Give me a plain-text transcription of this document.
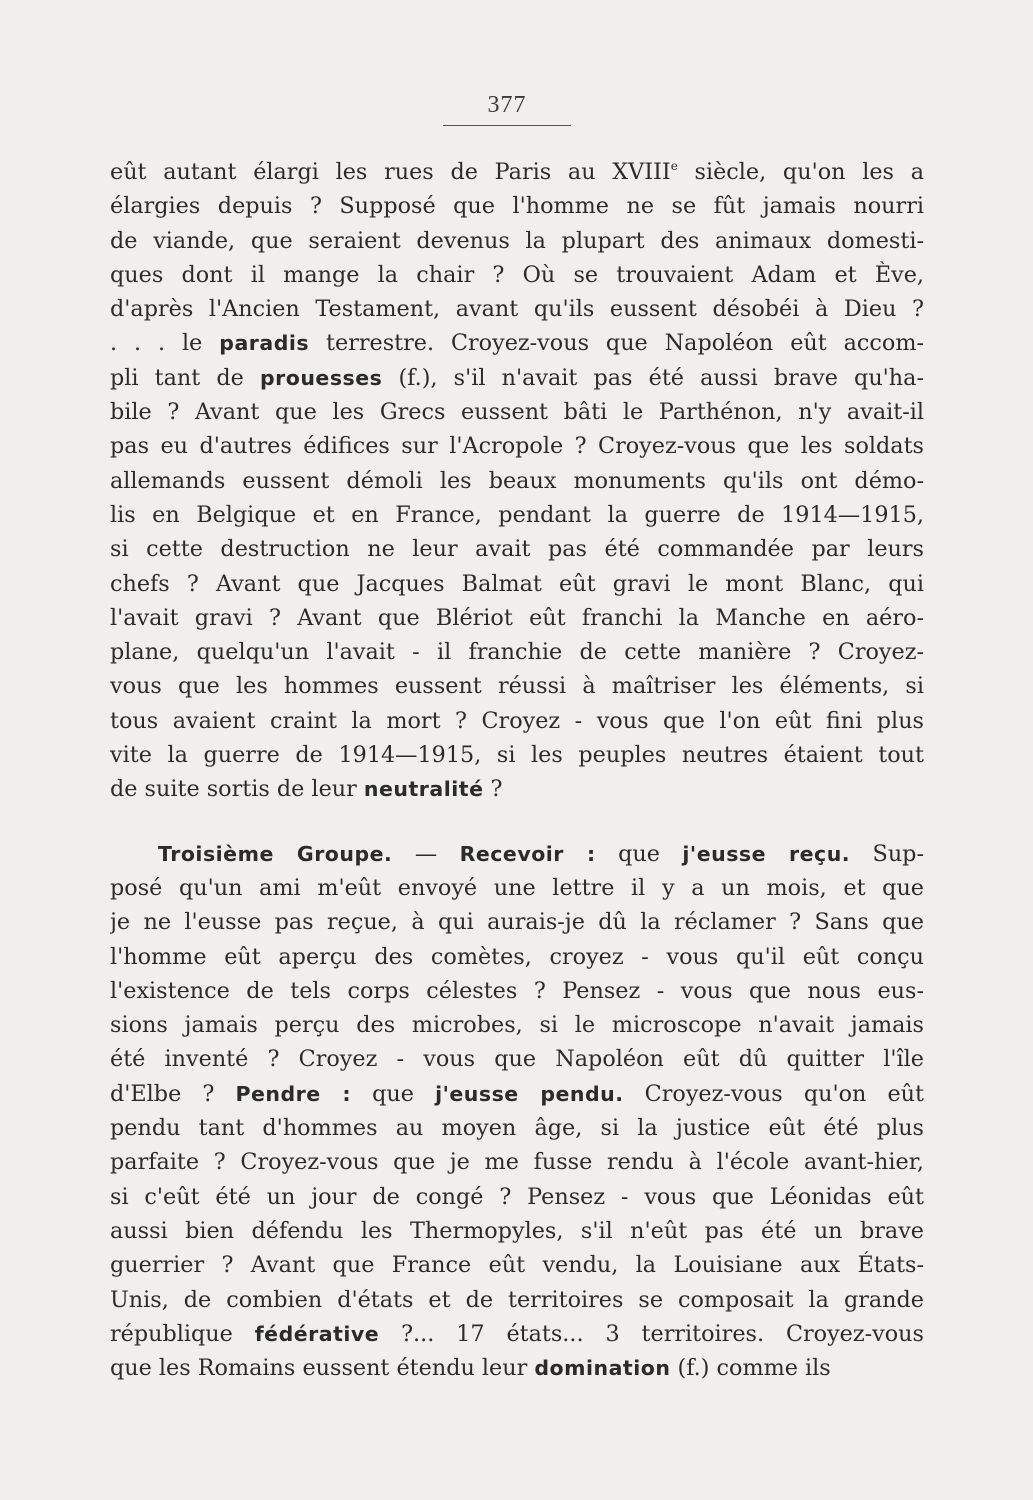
377
eût autant élargi les rues de Paris au XVIIIe siècle, qu'on les a
élargies depuis ? Supposé que l'homme ne se fût jamais nourri
de viande, que seraient devenus la plupart des animaux domesti-
ques dont il mange la chair ? Où se trouvaient Adam et Ève,
d'après l'Ancien Testament, avant qu'ils eussent désobéi à Dieu ?
. . . le paradis terrestre. Croyez-vous que Napoléon eût accom-
pli tant de prouesses (f.), s'il n'avait pas été aussi brave qu'ha-
bile ? Avant que les Grecs eussent bâti le Parthénon, n'y avait-il
pas eu d'autres édifices sur l'Acropole ? Croyez-vous que les soldats
allemands eussent démoli les beaux monuments qu'ils ont démo-
lis en Belgique et en France, pendant la guerre de 1914—1915,
si cette destruction ne leur avait pas été commandée par leurs
chefs ? Avant que Jacques Balmat eût gravi le mont Blanc, qui
l'avait gravi ? Avant que Blériot eût franchi la Manche en aéro-
plane, quelqu'un l'avait - il franchie de cette manière ? Croyez-
vous que les hommes eussent réussi à maîtriser les éléments, si
tous avaient craint la mort ? Croyez - vous que l'on eût fini plus
vite la guerre de 1914—1915, si les peuples neutres étaient tout
de suite sortis de leur neutralité ?
Troisième Groupe. — Recevoir : que j'eusse reçu. Sup-
posé qu'un ami m'eût envoyé une lettre il y a un mois, et que
je ne l'eusse pas reçue, à qui aurais-je dû la réclamer ? Sans que
l'homme eût aperçu des comètes, croyez - vous qu'il eût conçu
l'existence de tels corps célestes ? Pensez - vous que nous eus-
sions jamais perçu des microbes, si le microscope n'avait jamais
été inventé ? Croyez - vous que Napoléon eût dû quitter l'île
d'Elbe ? Pendre : que j'eusse pendu. Croyez-vous qu'on eût
pendu tant d'hommes au moyen âge, si la justice eût été plus
parfaite ? Croyez-vous que je me fusse rendu à l'école avant-hier,
si c'eût été un jour de congé ? Pensez - vous que Léonidas eût
aussi bien défendu les Thermopyles, s'il n'eût pas été un brave
guerrier ? Avant que France eût vendu, la Louisiane aux États-
Unis, de combien d'états et de territoires se composait la grande
république fédérative ?... 17 états... 3 territoires. Croyez-vous
que les Romains eussent étendu leur domination (f.) comme ils
